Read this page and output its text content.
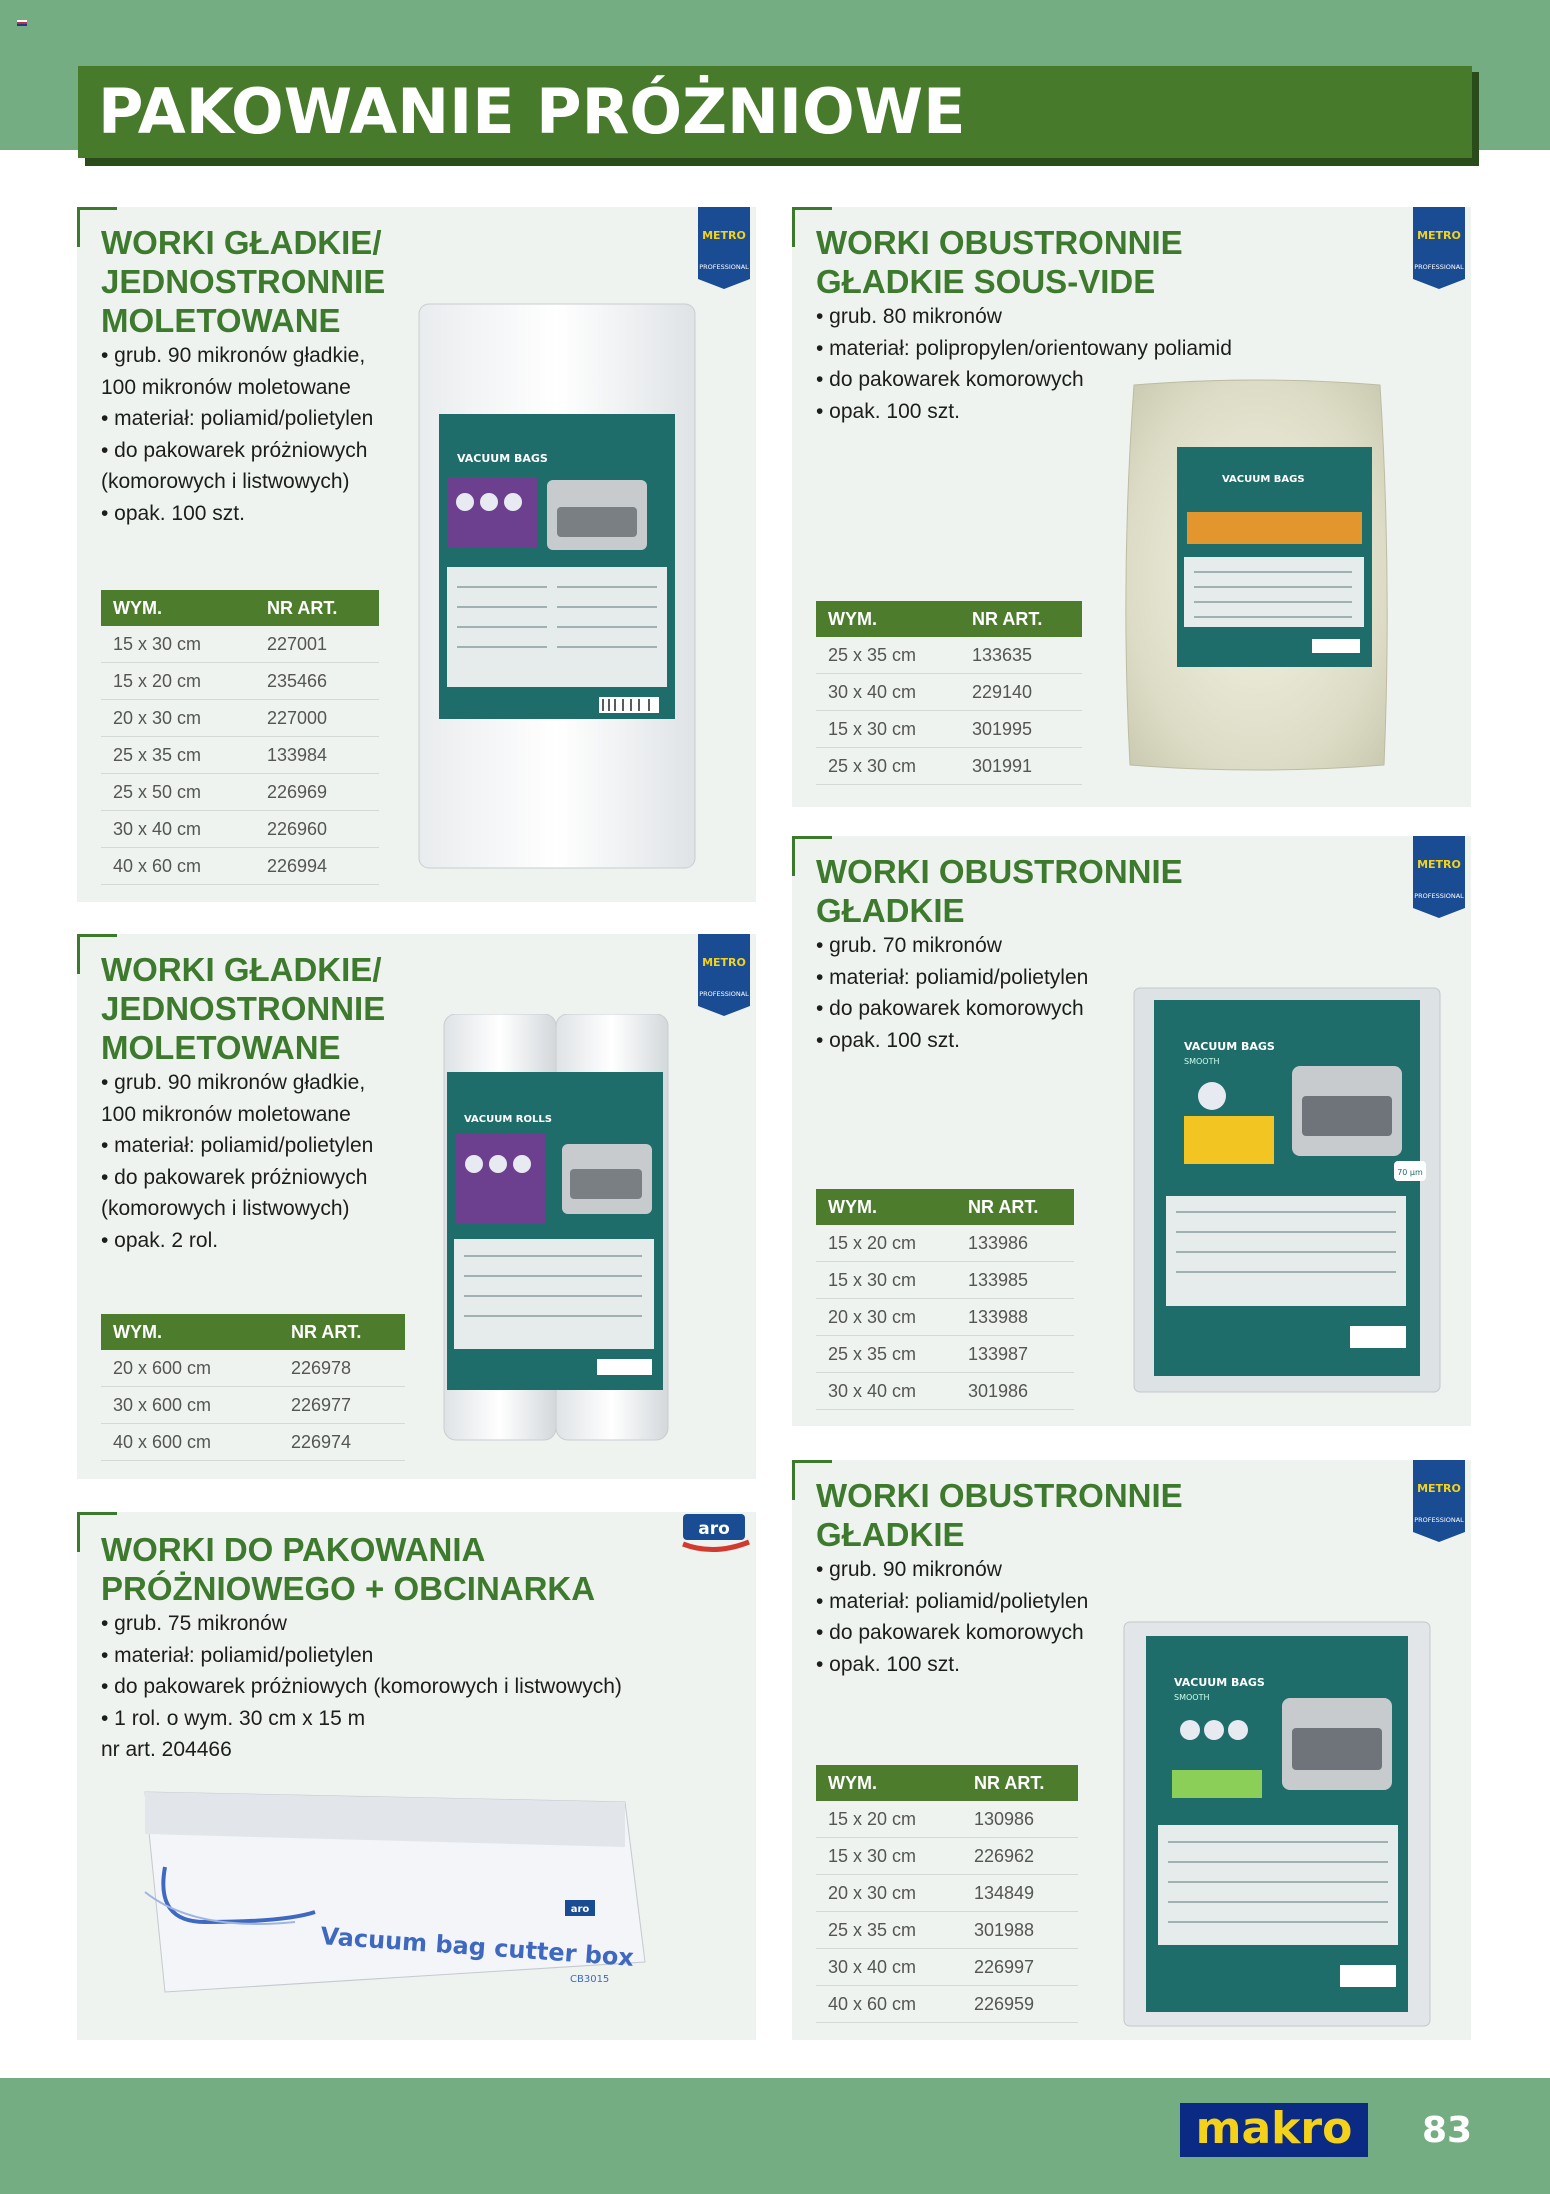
PAKOWANIE PRÓŻNIOWE
WORKI GŁADKIE/
JEDNOSTRONNIE
MOLETOWANE
• grub. 90 mikronów gładkie,
100 mikronów moletowane
• materiał: poliamid/polietylen
• do pakowarek próżniowych
(komorowych i listwowych)
• opak. 100 szt.
WYM.	NR ART.
15 x 30 cm	227001
15 x 20 cm	235466
20 x 30 cm	227000
25 x 35 cm	133984
25 x 50 cm	226969
30 x 40 cm	226960
40 x 60 cm	226994
METRO
PROFESSIONAL
VACUUM BAGS
WORKI OBUSTRONNIE
GŁADKIE SOUS-VIDE
• grub. 80 mikronów
• materiał: polipropylen/orientowany poliamid
• do pakowarek komorowych
• opak. 100 szt.
WYM.	NR ART.
25 x 35 cm	133635
30 x 40 cm	229140
15 x 30 cm	301995
25 x 30 cm	301991
METRO
PROFESSIONAL
VACUUM BAGS
WORKI GŁADKIE/
JEDNOSTRONNIE
MOLETOWANE
• grub. 90 mikronów gładkie,
100 mikronów moletowane
• materiał: poliamid/polietylen
• do pakowarek próżniowych
(komorowych i listwowych)
• opak. 2 rol.
WYM.	NR ART.
20 x 600 cm	226978
30 x 600 cm	226977
40 x 600 cm	226974
METRO
PROFESSIONAL
VACUUM ROLLS
WORKI OBUSTRONNIE
GŁADKIE
• grub. 70 mikronów
• materiał: poliamid/polietylen
• do pakowarek komorowych
• opak. 100 szt.
WYM.	NR ART.
15 x 20 cm	133986
15 x 30 cm	133985
20 x 30 cm	133988
25 x 35 cm	133987
30 x 40 cm	301986
METRO
PROFESSIONAL
VACUUM BAGS
SMOOTH
70 µm
WORKI DO PAKOWANIA
PRÓŻNIOWEGO + OBCINARKA
• grub. 75 mikronów
• materiał: poliamid/polietylen
• do pakowarek próżniowych (komorowych i listwowych)
• 1 rol. o wym. 30 cm x 15 m
nr art. 204466
aro
aro
Vacuum bag cutter box
CB3015
WORKI OBUSTRONNIE
GŁADKIE
• grub. 90 mikronów
• materiał: poliamid/polietylen
• do pakowarek komorowych
• opak. 100 szt.
WYM.	NR ART.
15 x 20 cm	130986
15 x 30 cm	226962
20 x 30 cm	134849
25 x 35 cm	301988
30 x 40 cm	226997
40 x 60 cm	226959
METRO
PROFESSIONAL
VACUUM BAGS
SMOOTH
makro	83
